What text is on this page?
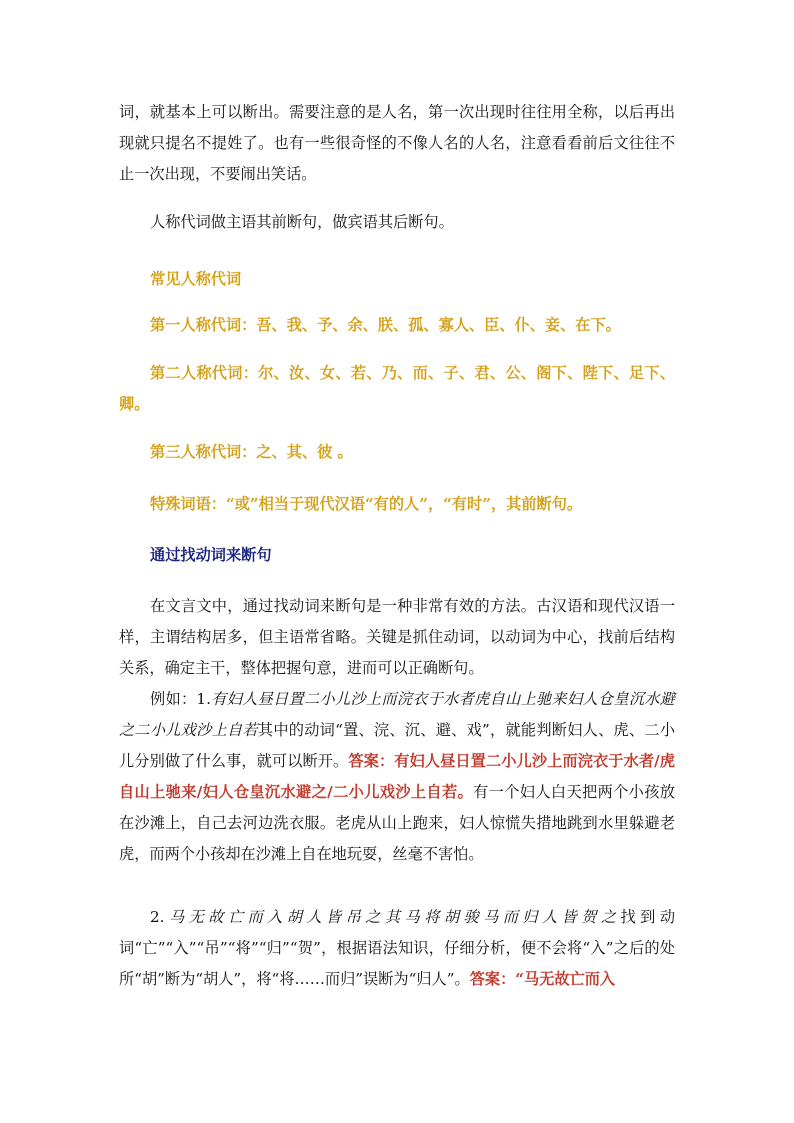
词，就基本上可以断出。需要注意的是人名，第一次出现时往往用全称，以后再出现就只提名不提姓了。也有一些很奇怪的不像人名的人名，注意看看前后文往往不止一次出现，不要闹出笑话。

人称代词做主语其前断句，做宾语其后断句。

常见人称代词

第一人称代词：吾、我、予、余、朕、孤、寡人、臣、仆、妾、在下。

第二人称代词：尔、汝、女、若、乃、而、子、君、公、阁下、陛下、足下、卿。

第三人称代词：之、其、彼 。

特殊词语：“或”相当于现代汉语“有的人”，“有时”，其前断句。

通过找动词来断句

在文言文中，通过找动词来断句是一种非常有效的方法。古汉语和现代汉语一样，主谓结构居多，但主语常省略。关键是抓住动词，以动词为中心，找前后结构关系，确定主干，整体把握句意，进而可以正确断句。

例如：1.有妇人昼日置二小儿沙上而浣衣于水者虎自山上驰来妇人仓皇沉水避之二小儿戏沙上自若其中的动词“置、浣、沉、避、戏”，就能判断妇人、虎、二小儿分别做了什么事，就可以断开。答案：有妇人昼日置二小儿沙上而浣衣于水者/虎自山上驰来/妇人仓皇沉水避之/二小儿戏沙上自若。有一个妇人白天把两个小孩放在沙滩上，自己去河边洗衣服。老虎从山上跑来，妇人惊慌失措地跳到水里躲避老虎，而两个小孩却在沙滩上自在地玩耍，丝毫不害怕。

2.马无故亡而入胡人皆吊之其马将胡骏马而归人皆贺之找到动词“亡”“入”“吊”“将”“归”“贺”，根据语法知识，仔细分析，便不会将“入”之后的处所“胡”断为“胡人”，将“将……而归”误断为“归人”。答案：“马无故亡而入
